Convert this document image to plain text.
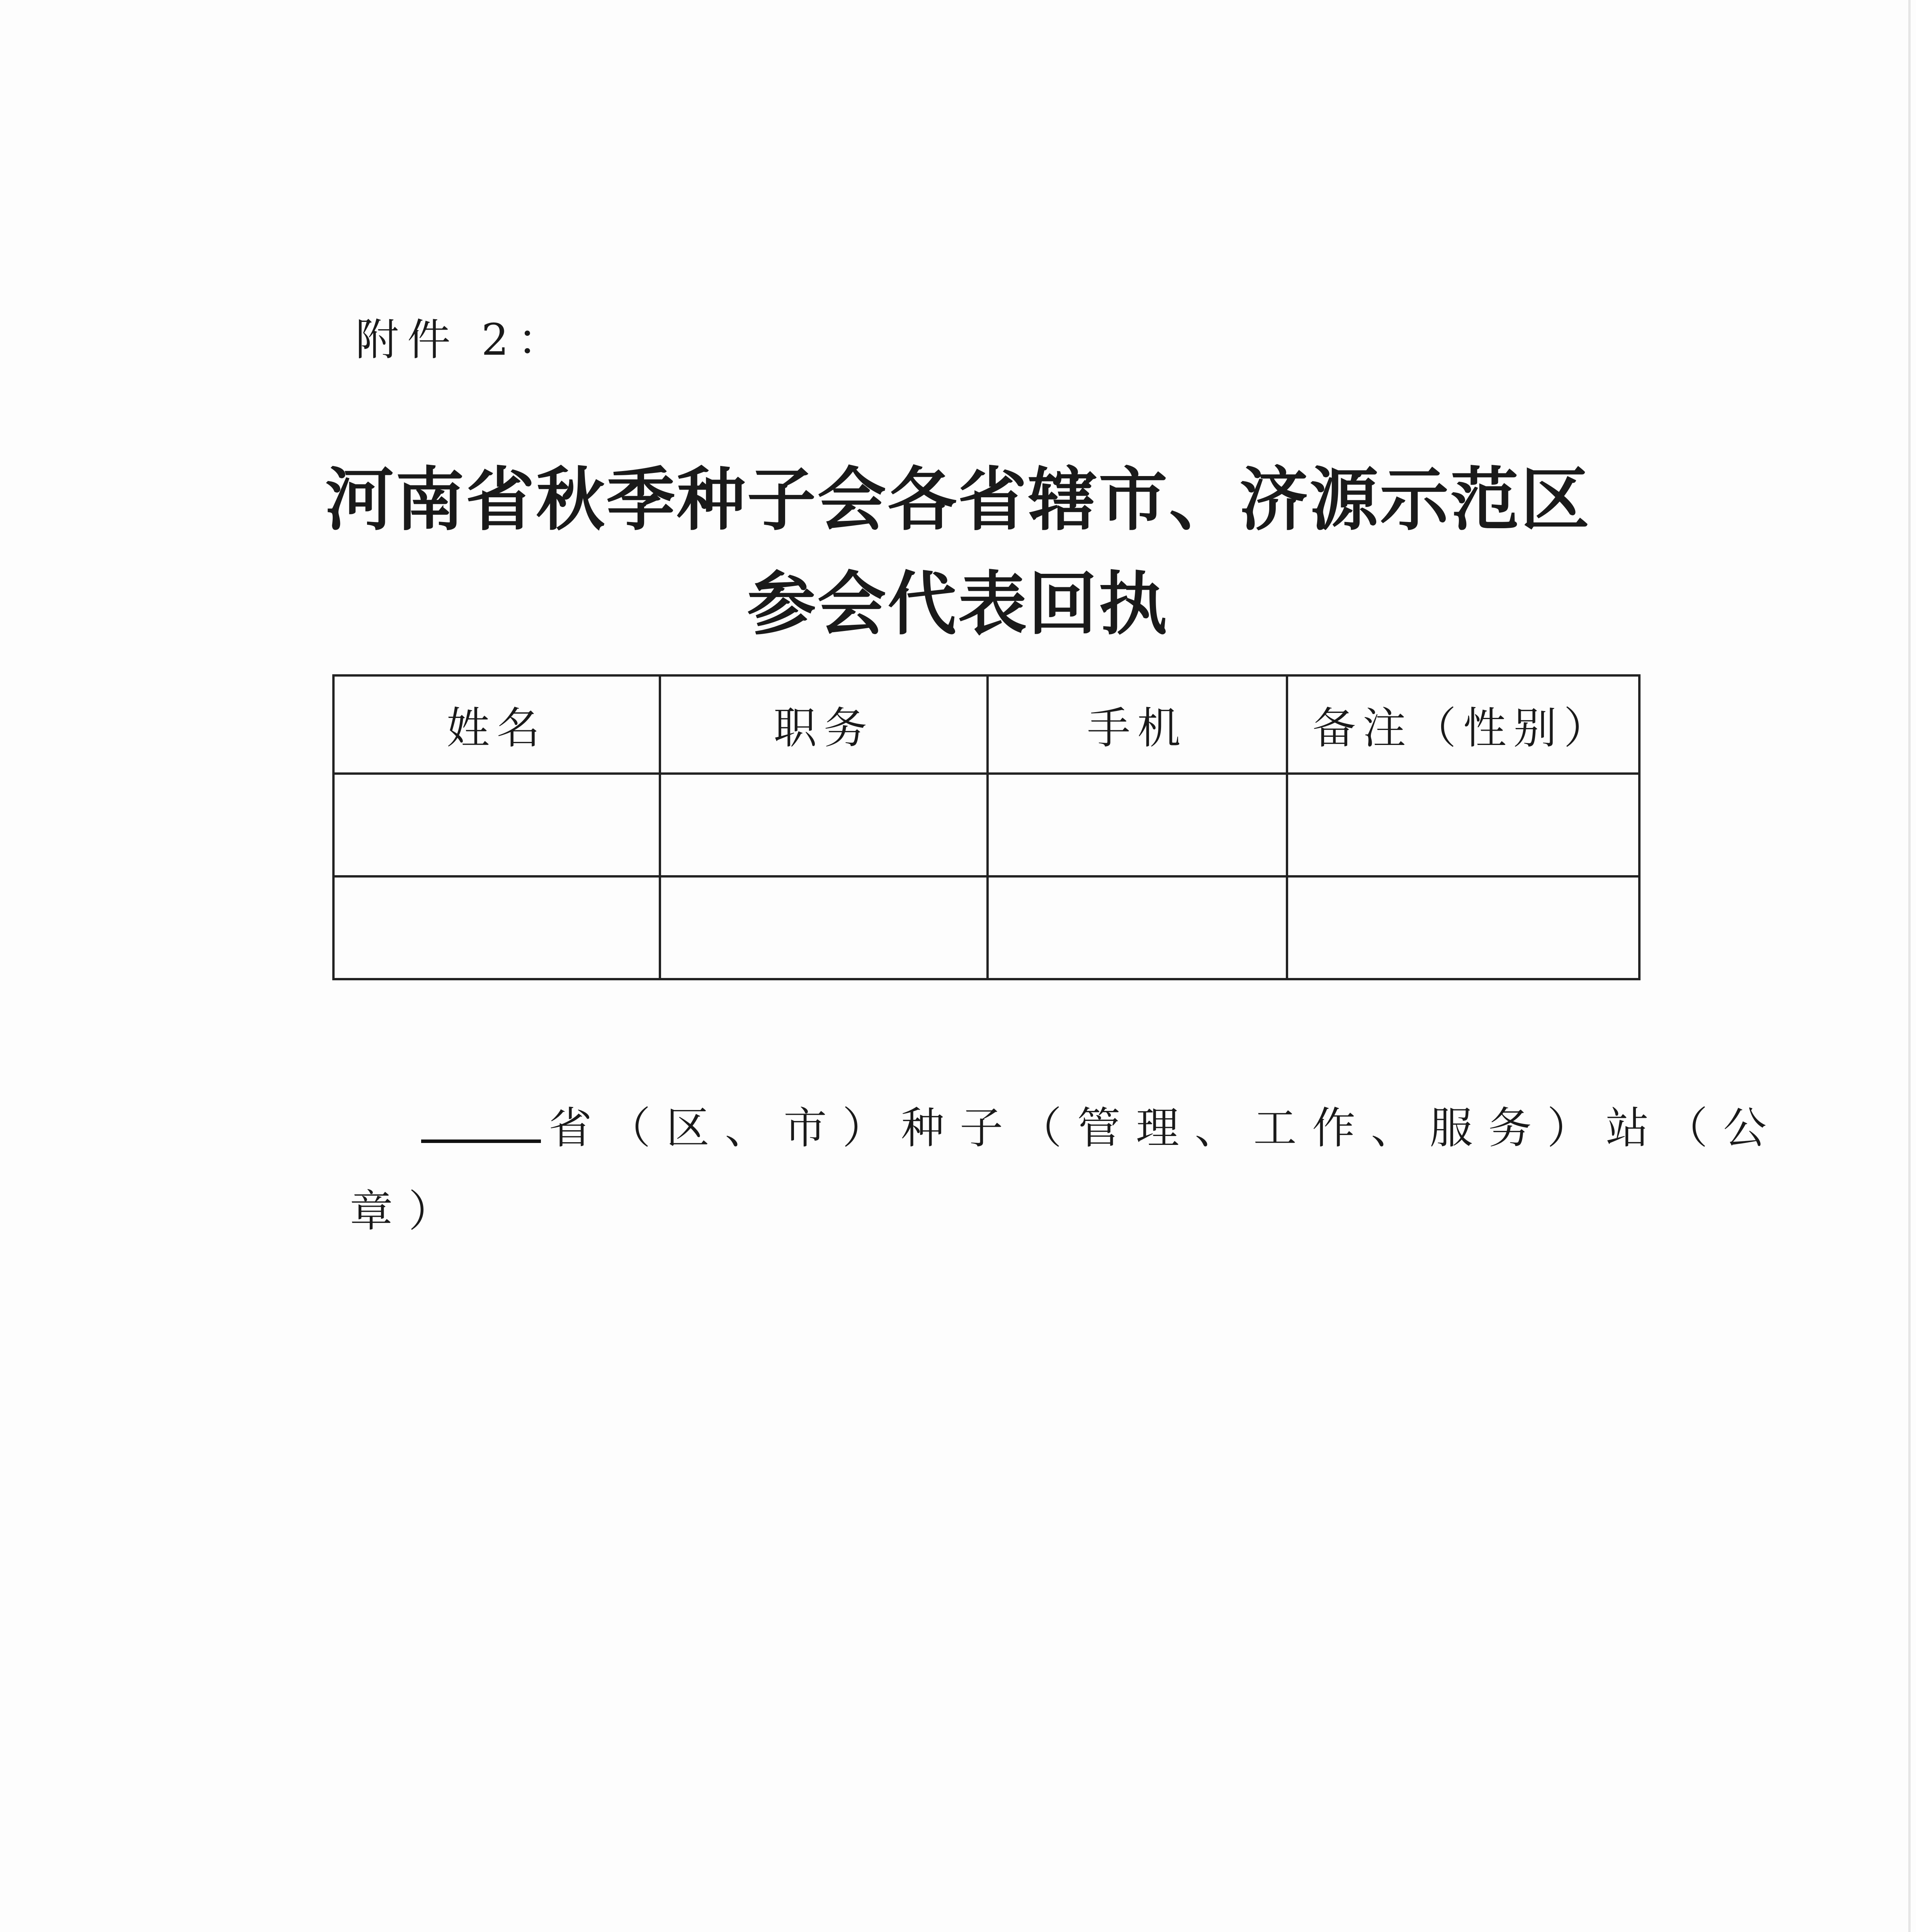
附件 2：
河南省秋季种子会各省辖市、济源示范区
参会代表回执
姓名	职务	手机	备注（性别）

省（区、市）种子（管理、工作、服务）站（公
章）
